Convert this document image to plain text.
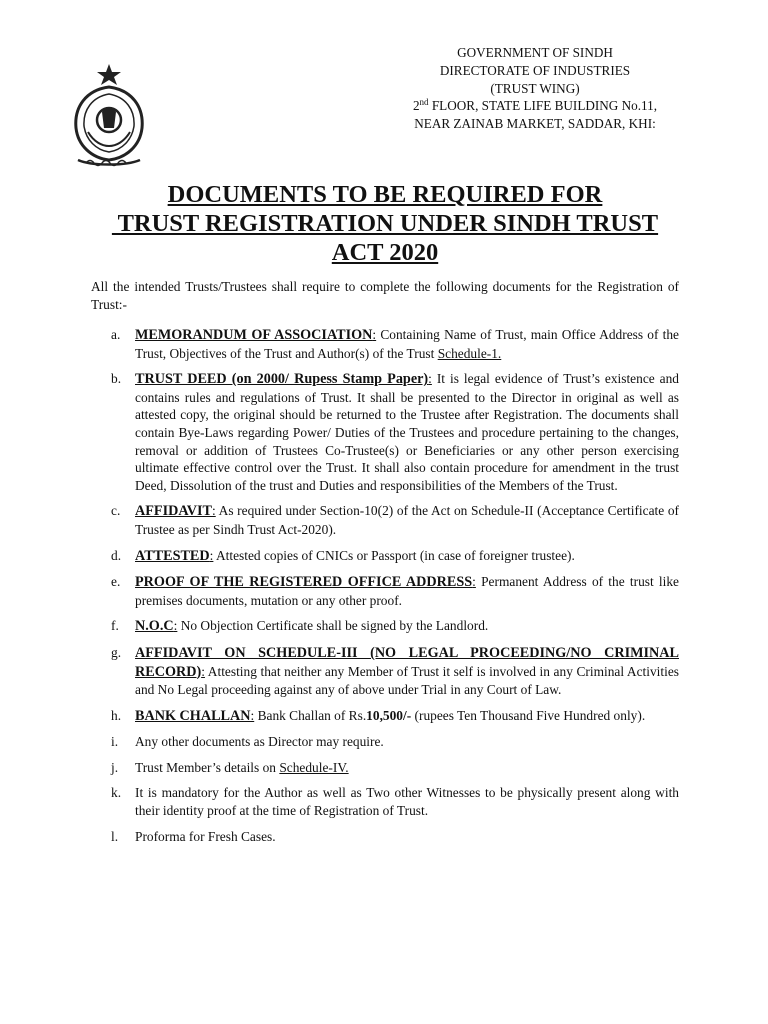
GOVERNMENT OF SINDH
DIRECTORATE OF INDUSTRIES
(TRUST WING)
2nd FLOOR, STATE LIFE BUILDING No.11,
NEAR ZAINAB MARKET, SADDAR, KHI:
DOCUMENTS TO BE REQUIRED FOR
TRUST REGISTRATION UNDER SINDH TRUST
ACT 2020
All the intended Trusts/Trustees shall require to complete the following documents for the Registration of Trust:-
a. MEMORANDUM OF ASSOCIATION: Containing Name of Trust, main Office Address of the Trust, Objectives of the Trust and Author(s) of the Trust Schedule-1.
b. TRUST DEED (on 2000/ Rupess Stamp Paper): It is legal evidence of Trust’s existence and contains rules and regulations of Trust. It shall be presented to the Director in original as well as attested copy, the original should be returned to the Trustee after Registration. The documents shall contain Bye-Laws regarding Power/ Duties of the Trustees and procedure pertaining to the changes, removal or addition of Trustees Co-Trustee(s) or Beneficiaries or any other person exercising ultimate effective control over the Trust. It shall also contain procedure for amendment in the trust Deed, Dissolution of the trust and Duties and responsibilities of the Members of the Trust.
c. AFFIDAVIT: As required under Section-10(2) of the Act on Schedule-II (Acceptance Certificate of Trustee as per Sindh Trust Act-2020).
d. ATTESTED: Attested copies of CNICs or Passport (in case of foreigner trustee).
e. PROOF OF THE REGISTERED OFFICE ADDRESS: Permanent Address of the trust like premises documents, mutation or any other proof.
f. N.O.C: No Objection Certificate shall be signed by the Landlord.
g. AFFIDAVIT ON SCHEDULE-III (NO LEGAL PROCEEDING/NO CRIMINAL RECORD): Attesting that neither any Member of Trust it self is involved in any Criminal Activities and No Legal proceeding against any of above under Trial in any Court of Law.
h. BANK CHALLAN: Bank Challan of Rs.10,500/- (rupees Ten Thousand Five Hundred only).
i. Any other documents as Director may require.
j. Trust Member’s details on Schedule-IV.
k. It is mandatory for the Author as well as Two other Witnesses to be physically present along with their identity proof at the time of Registration of Trust.
l. Proforma for Fresh Cases.
